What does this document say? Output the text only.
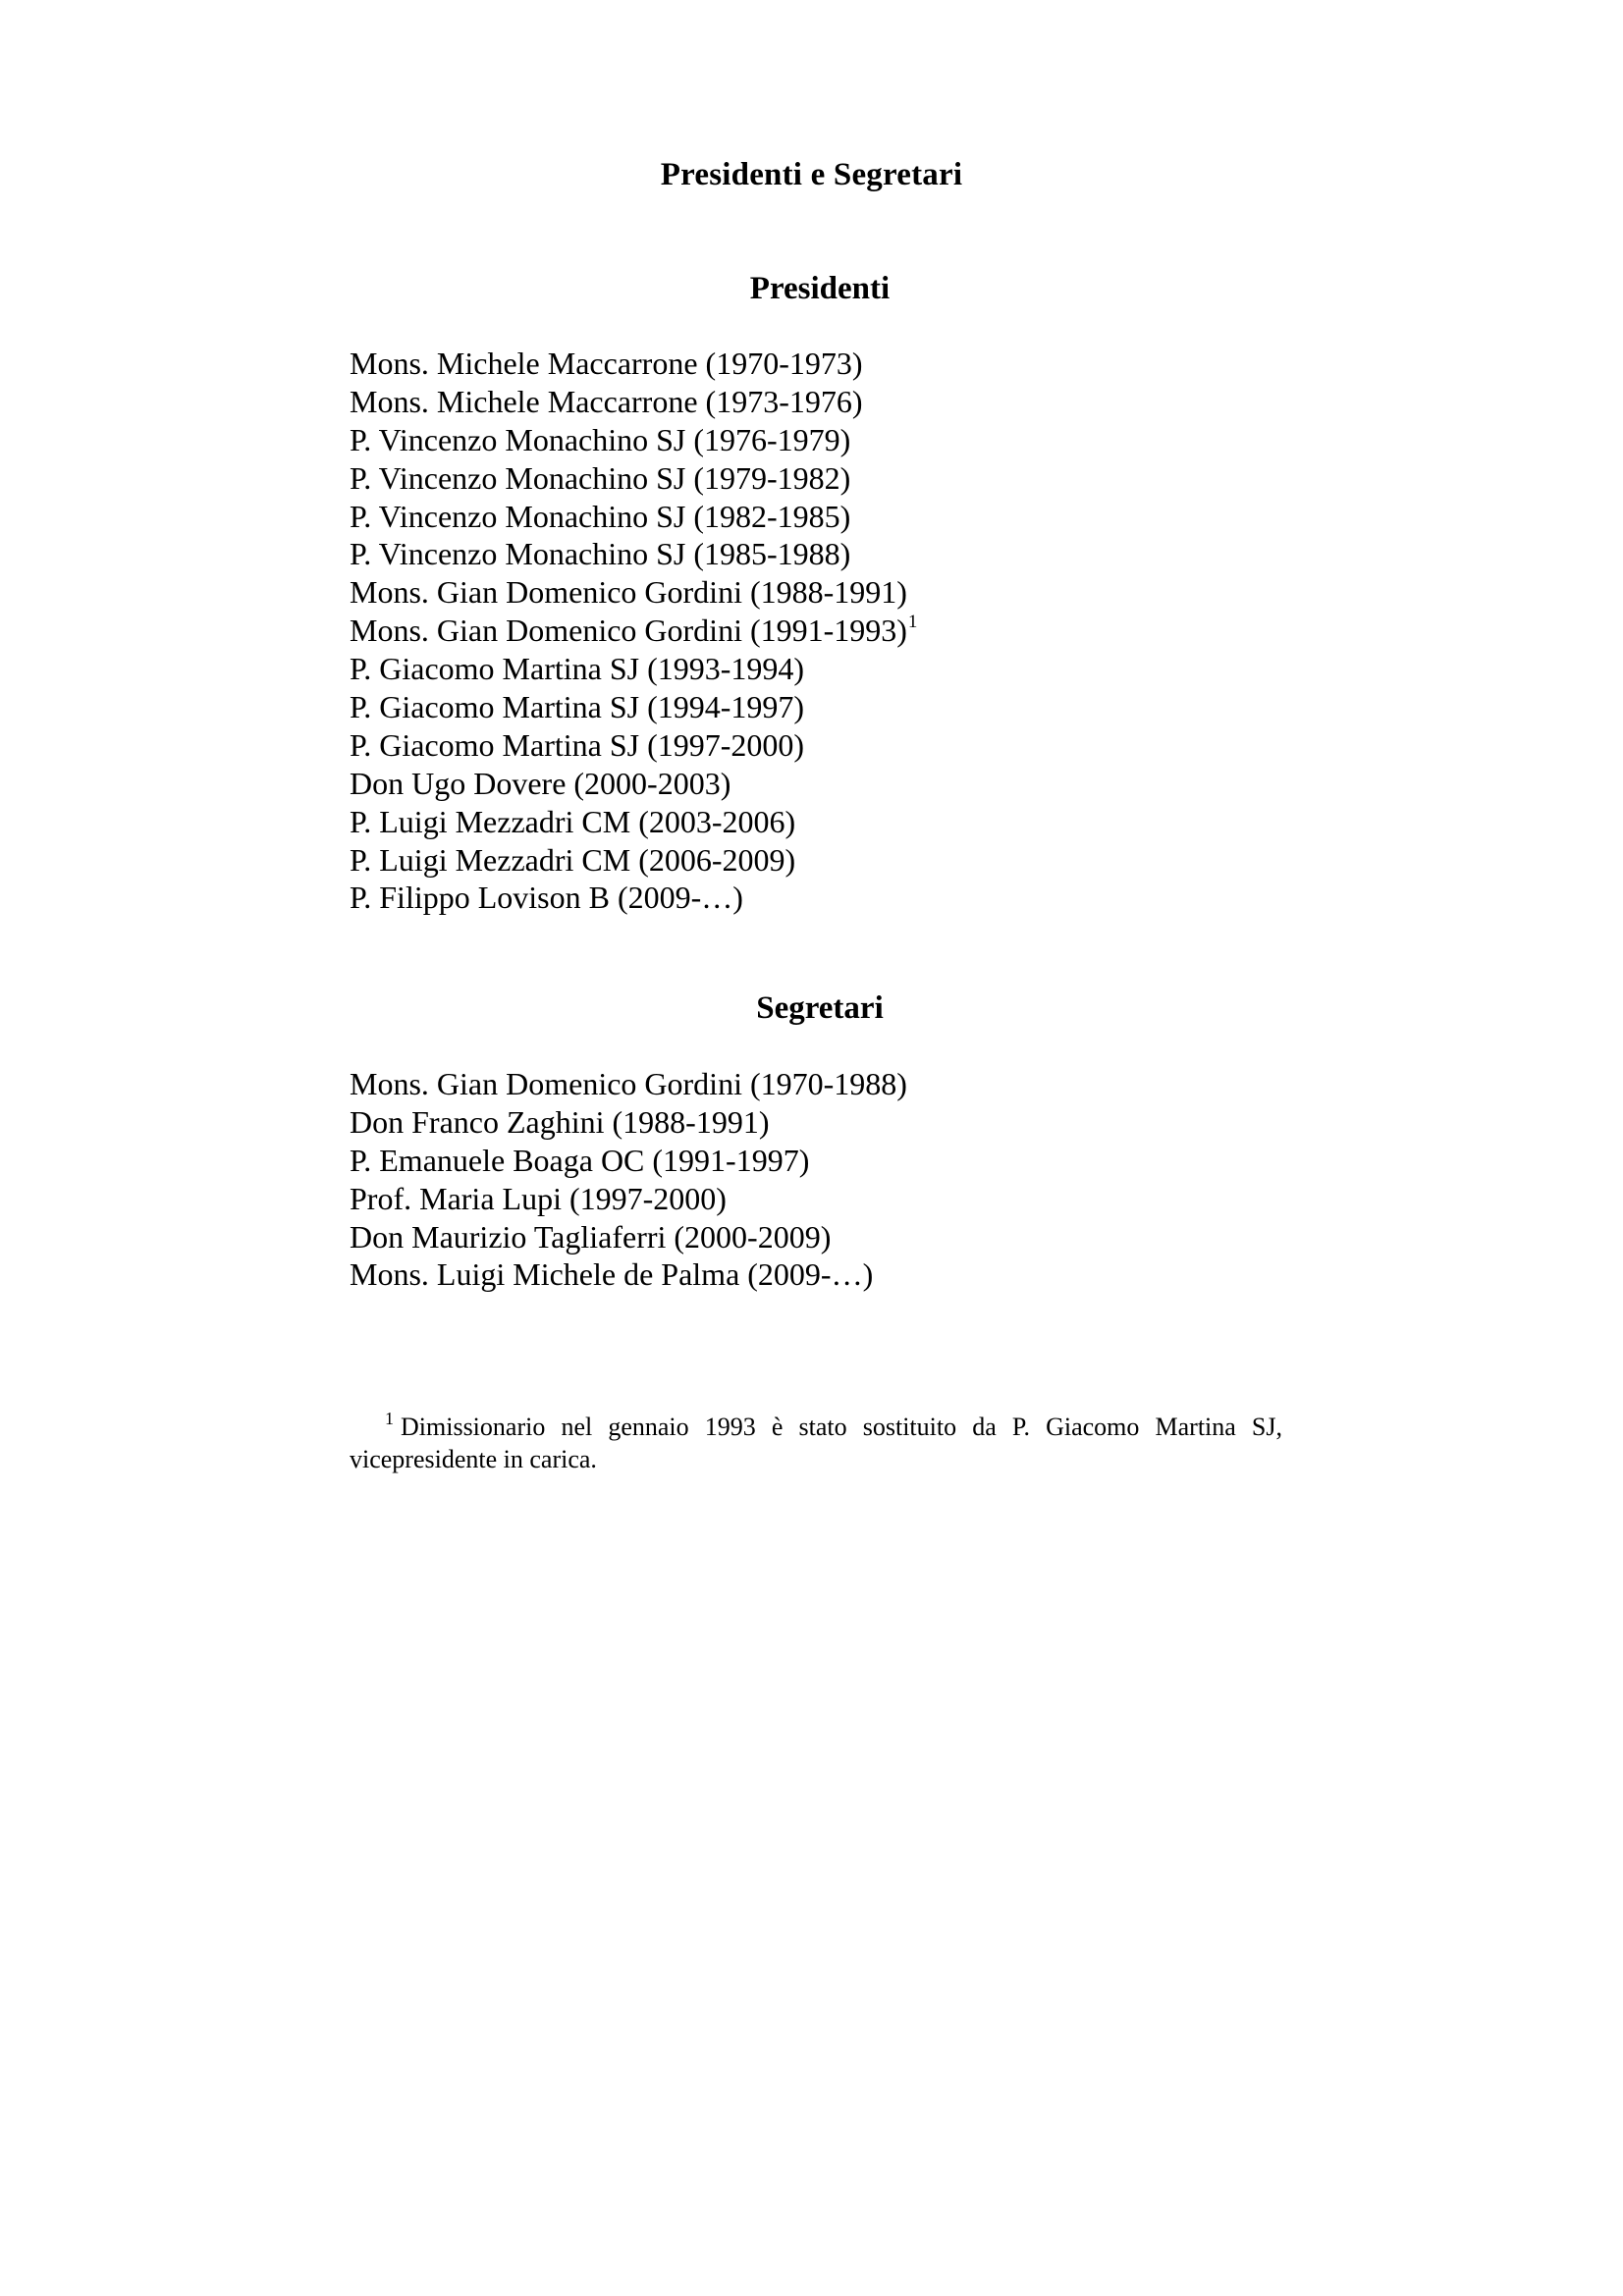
Presidenti e Segretari
Presidenti
Mons. Michele Maccarrone (1970-1973)
Mons. Michele Maccarrone (1973-1976)
P. Vincenzo Monachino SJ (1976-1979)
P. Vincenzo Monachino SJ (1979-1982)
P. Vincenzo Monachino SJ (1982-1985)
P. Vincenzo Monachino SJ (1985-1988)
Mons. Gian Domenico Gordini (1988-1991)
Mons. Gian Domenico Gordini (1991-1993)$^1$
P. Giacomo Martina SJ (1993-1994)
P. Giacomo Martina SJ (1994-1997)
P. Giacomo Martina SJ (1997-2000)
Don Ugo Dovere (2000-2003)
P. Luigi Mezzadri CM (2003-2006)
P. Luigi Mezzadri CM (2006-2009)
P. Filippo Lovison B (2009-…)
Segretari
Mons. Gian Domenico Gordini (1970-1988)
Don Franco Zaghini (1988-1991)
P. Emanuele Boaga OC (1991-1997)
Prof. Maria Lupi (1997-2000)
Don Maurizio Tagliaferri (2000-2009)
Mons. Luigi Michele de Palma (2009-…)
$^1$ Dimissionario nel gennaio 1993 è stato sostituito da P. Giacomo Martina SJ,
vicepresidente in carica.
